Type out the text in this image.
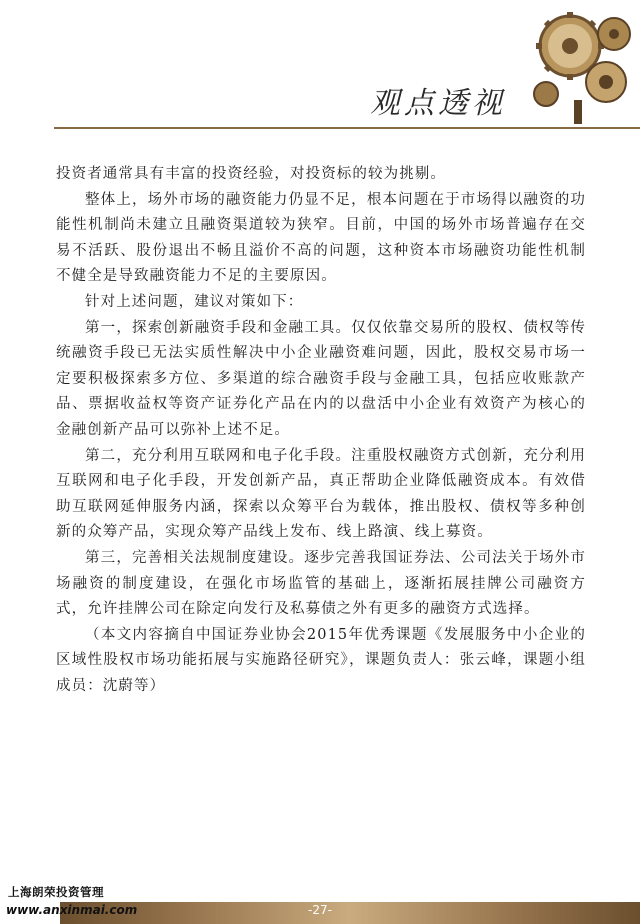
观点透视

投资者通常具有丰富的投资经验，对投资标的较为挑剔。

整体上，场外市场的融资能力仍显不足，根本问题在于市场得以融资的功能性机制尚未建立且融资渠道较为狭窄。目前，中国的场外市场普遍存在交易不活跃、股份退出不畅且溢价不高的问题，这种资本市场融资功能性机制不健全是导致融资能力不足的主要原因。

针对上述问题，建议对策如下：

第一，探索创新融资手段和金融工具。仅仅依靠交易所的股权、债权等传统融资手段已无法实质性解决中小企业融资难问题，因此，股权交易市场一定要积极探索多方位、多渠道的综合融资手段与金融工具，包括应收账款产品、票据收益权等资产证券化产品在内的以盘活中小企业有效资产为核心的金融创新产品可以弥补上述不足。

第二，充分利用互联网和电子化手段。注重股权融资方式创新，充分利用互联网和电子化手段，开发创新产品，真正帮助企业降低融资成本。有效借助互联网延伸服务内涵，探索以众筹平台为载体，推出股权、债权等多种创新的众筹产品，实现众筹产品线上发布、线上路演、线上募资。

第三，完善相关法规制度建设。逐步完善我国证券法、公司法关于场外市场融资的制度建设，在强化市场监管的基础上，逐渐拓展挂牌公司融资方式，允许挂牌公司在除定向发行及私募债之外有更多的融资方式选择。

（本文内容摘自中国证券业协会2015年优秀课题《发展服务中小企业的区域性股权市场功能拓展与实施路径研究》，课题负责人：张云峰，课题小组成员：沈蔚等）

上海朗荣投资管理
www.anxinmai.com	-27-
